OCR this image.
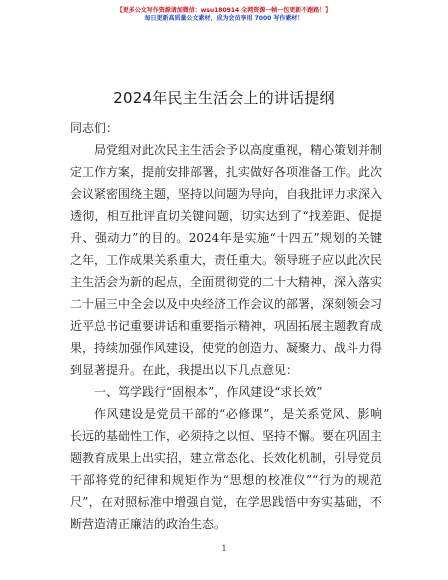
【更多公文写作资源请加微信：wsu180914 全网资源一帧一包更新不跑路！】
每日更新高质量公文素材，成为会员享用 7000 写作素材！
2024年民主生活会上的讲话提纲

同志们：

局党组对此次民主生活会予以高度重视，精心策划并制定工作方案，提前安排部署，扎实做好各项准备工作。此次会议紧密围绕主题，坚持以问题为导向，自我批评力求深入透彻，相互批评直切关键问题，切实达到了“找差距、促提升、强动力”的目的。2024年是实施“十四五”规划的关键之年，工作成果关系重大，责任重大。领导班子应以此次民主生活会为新的起点，全面贯彻党的二十大精神，深入落实二十届三中全会以及中央经济工作会议的部署，深刻领会习近平总书记重要讲话和重要指示精神，巩固拓展主题教育成果，持续加强作风建设，使党的创造力、凝聚力、战斗力得到显著提升。在此，我提出以下几点意见：

一、笃学践行“固根本”，作风建设“求长效”

作风建设是党员干部的“必修课”，是关系党风、影响长远的基础性工作，必须持之以恒、坚持不懈。要在巩固主题教育成果上出实招，建立常态化、长效化机制，引导党员干部将党的纪律和规矩作为“思想的校准仪”“行为的规范尺”，在对照标准中增强自觉，在学思践悟中夯实基础，不断营造清正廉洁的政治生态。

1
